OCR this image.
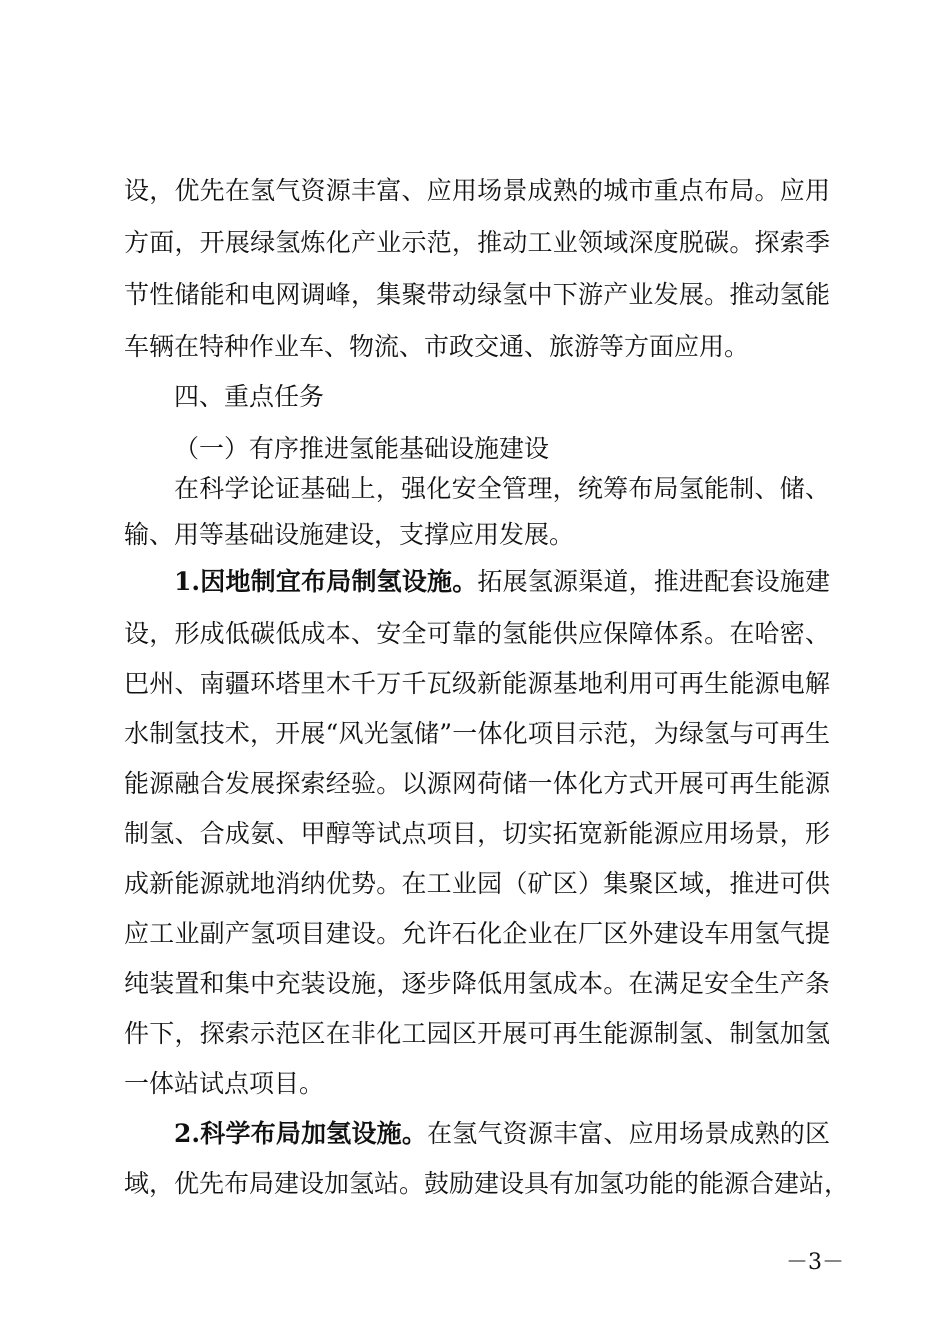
设，优先在氢气资源丰富、应用场景成熟的城市重点布局。应用
方面，开展绿氢炼化产业示范，推动工业领域深度脱碳。探索季
节性储能和电网调峰，集聚带动绿氢中下游产业发展。推动氢能
车辆在特种作业车、物流、市政交通、旅游等方面应用。
四、重点任务
（一）有序推进氢能基础设施建设
在科学论证基础上，强化安全管理，统筹布局氢能制、储、
输、用等基础设施建设，支撑应用发展。
1.因地制宜布局制氢设施。拓展氢源渠道，推进配套设施建
设，形成低碳低成本、安全可靠的氢能供应保障体系。在哈密、
巴州、南疆环塔里木千万千瓦级新能源基地利用可再生能源电解
水制氢技术，开展“风光氢储”一体化项目示范，为绿氢与可再生
能源融合发展探索经验。以源网荷储一体化方式开展可再生能源
制氢、合成氨、甲醇等试点项目，切实拓宽新能源应用场景，形
成新能源就地消纳优势。在工业园（矿区）集聚区域，推进可供
应工业副产氢项目建设。允许石化企业在厂区外建设车用氢气提
纯装置和集中充装设施，逐步降低用氢成本。在满足安全生产条
件下，探索示范区在非化工园区开展可再生能源制氢、制氢加氢
一体站试点项目。
2.科学布局加氢设施。在氢气资源丰富、应用场景成熟的区
域，优先布局建设加氢站。鼓励建设具有加氢功能的能源合建站，
－3－
